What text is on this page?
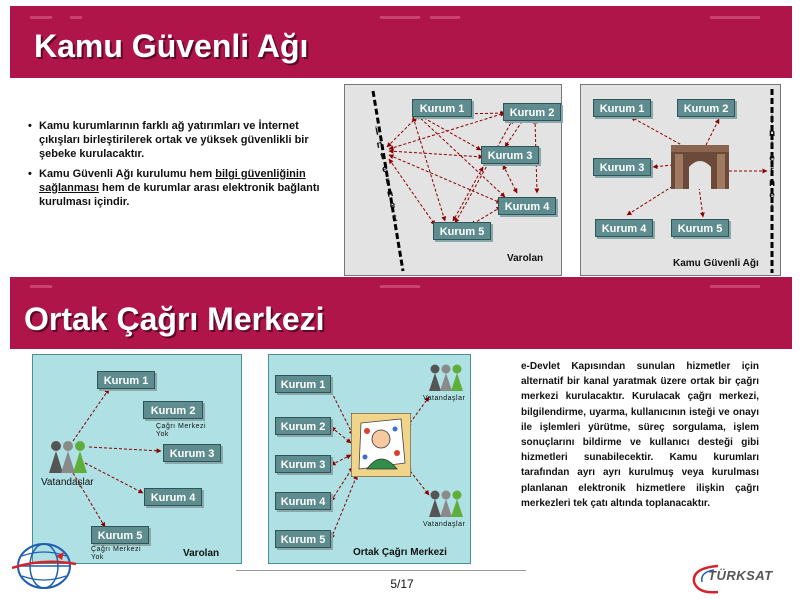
Kamu Güvenli Ağı
• Kamu kurumlarının farklı ağ yatırımları ve İnternet çıkışları birleştirilerek ortak ve yüksek güvenlikli bir şebeke kurulacaktır.
• Kamu Güvenli Ağı kurulumu hem bilgi güvenliğinin sağlanması hem de kurumlar arası elektronik bağlantı kurulması içindir.
İ
n
t
e
r
n
e
t
Kurum 1	Kurum 2
Kurum 3
Kurum 4
Kurum 5
Varolan
İ
n
t
e
r
n
e
t
Kurum 1	Kurum 2
Kurum 3
Kurum 4	Kurum 5
Kamu Güvenli Ağı
Ortak Çağrı Merkezi
Vatandaşlar
Kurum 1
Kurum 2
Çağrı Merkezi Yok
Kurum 3
Kurum 4
Kurum 5
Çağrı Merkezi Yok	Varolan
Vatandaşlar
Vatandaşlar
Kurum 1
Kurum 2
Kurum 3
Kurum 4
Kurum 5
Ortak Çağrı Merkezi
e-Devlet Kapısından sunulan hizmetler için alternatif bir kanal yaratmak üzere ortak bir çağrı merkezi kurulacaktır. Kurulacak çağrı merkezi, bilgilendirme, uyarma, kullanıcının isteği ve onayı ile işlemleri yürütme, süreç sorgulama, işlem sonuçlarını bildirme ve kullanıcı desteği gibi hizmetleri sunabilecektir. Kamu kurumları tarafından ayrı ayrı kurulmuş veya kurulması planlanan elektronik hizmetlere ilişkin çağrı merkezleri tek çatı altında toplanacaktır.
5/17
TÜRKSAT
